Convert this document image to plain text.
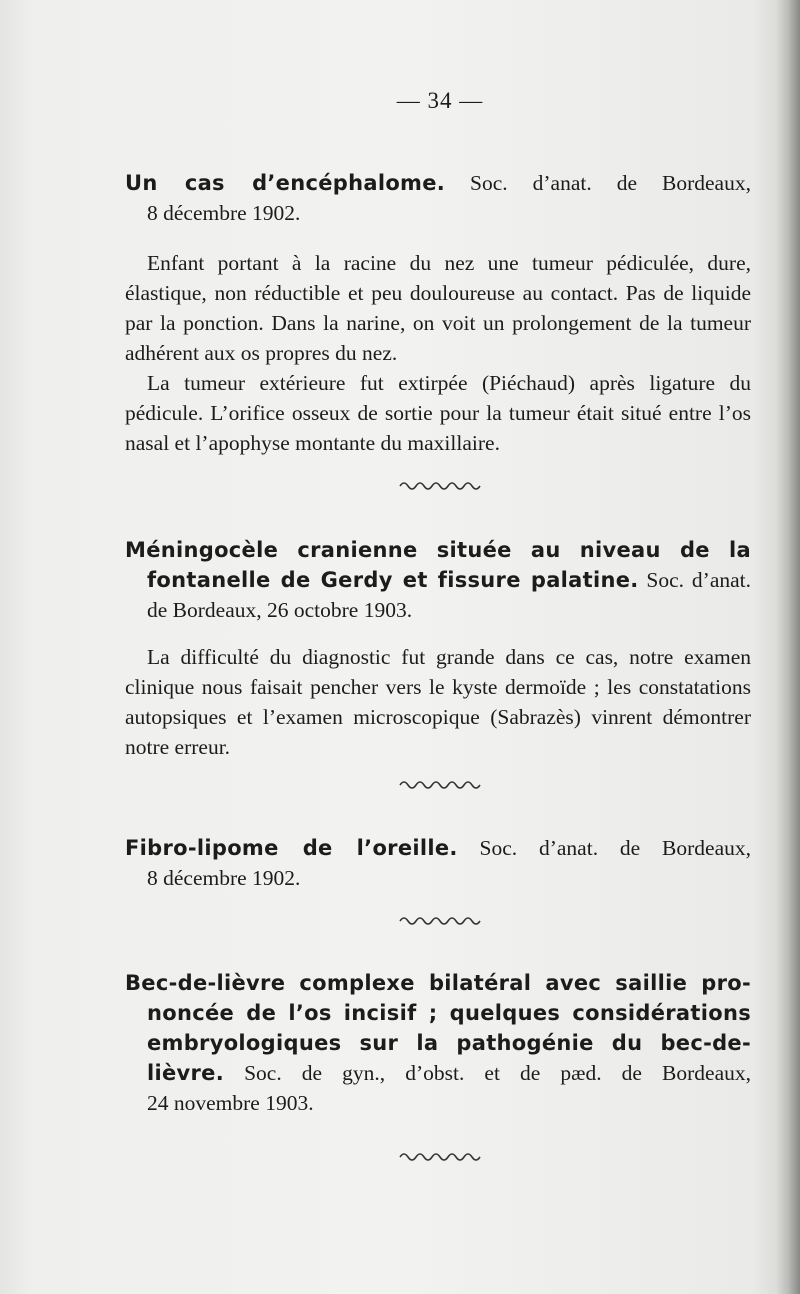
— 34 —

Un cas d’encéphalome. Soc. d’anat. de Bordeaux,

8 décembre 1902.

Enfant portant à la racine du nez une tumeur pédiculée, dure, élastique, non réductible et peu douloureuse au contact. Pas de liquide par la ponction. Dans la narine, on voit un prolongement de la tumeur adhérent aux os propres du nez.

La tumeur extérieure fut extirpée (Piéchaud) après ligature du pédicule. L’orifice osseux de sortie pour la tumeur était situé entre l’os nasal et l’apophyse montante du maxillaire.

Méningocèle cranienne située au niveau de la

fontanelle de Gerdy et fissure palatine. Soc. d’anat.

de Bordeaux, 26 octobre 1903.

La difficulté du diagnostic fut grande dans ce cas, notre examen clinique nous faisait pencher vers le kyste dermoïde ; les constatations autopsiques et l’examen microscopique (Sabrazès) vinrent démontrer notre erreur.

Fibro-lipome de l’oreille. Soc. d’anat. de Bordeaux,

8 décembre 1902.

Bec-de-lièvre complexe bilatéral avec saillie pro-

noncée de l’os incisif ; quelques considérations

embryologiques sur la pathogénie du bec-de-

lièvre. Soc. de gyn., d’obst. et de pæd. de Bordeaux,

24 novembre 1903.
